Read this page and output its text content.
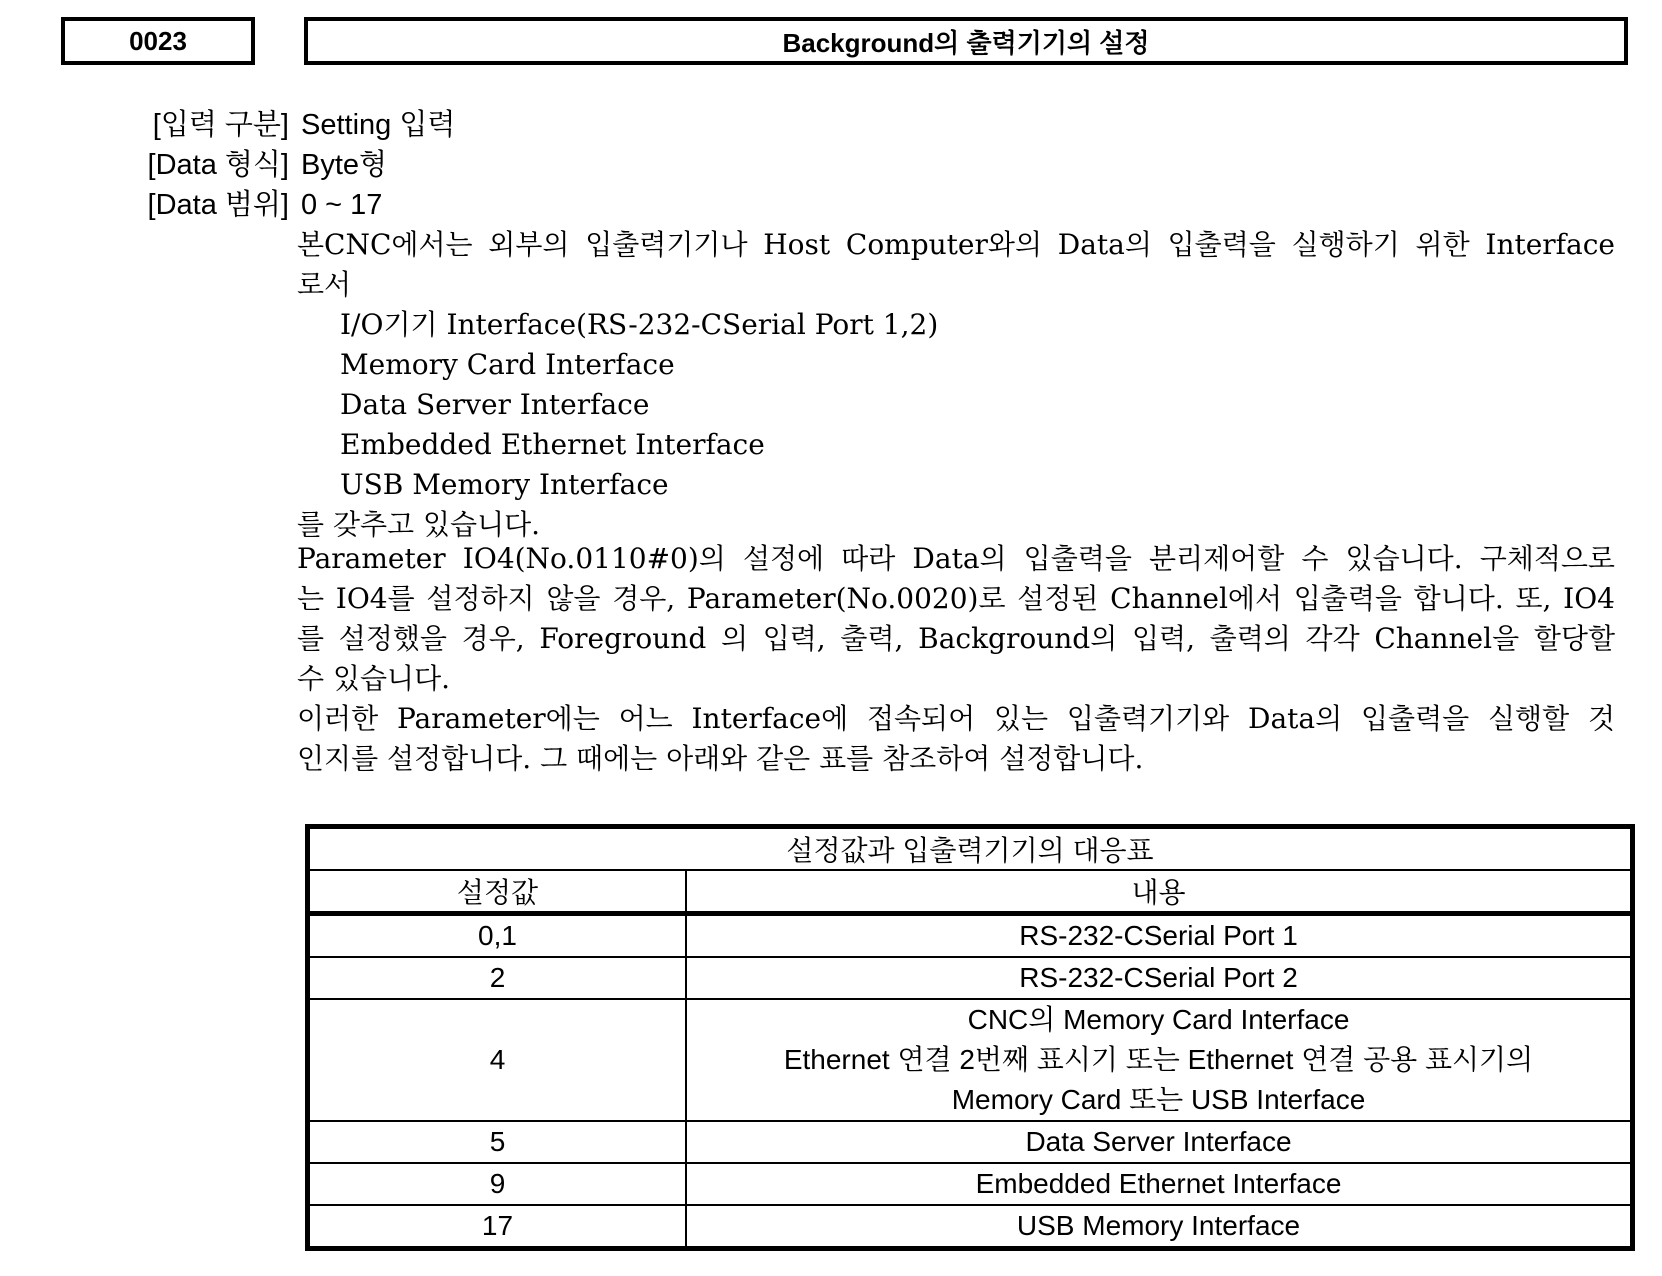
0023	Background의 출력기기의 설정
[입력 구분] Setting 입력
[Data 형식] Byte형
[Data 범위] 0 ~ 17

본CNC에서는 외부의 입출력기기나 Host Computer와의 Data의 입출력을 실행하기 위한 Interface

로서

I/O기기 Interface(RS-232-CSerial Port 1,2)

Memory Card Interface

Data Server Interface

Embedded Ethernet Interface

USB Memory Interface

를 갖추고 있습니다.

Parameter IO4(No.0110#0)의 설정에 따라 Data의 입출력을 분리제어할 수 있습니다. 구체적으로

는 IO4를 설정하지 않을 경우, Parameter(No.0020)로 설정된 Channel에서 입출력을 합니다. 또, IO4

를 설정했을 경우, Foreground 의 입력, 출력, Background의 입력, 출력의 각각 Channel을 할당할

수 있습니다.

이러한 Parameter에는 어느 Interface에 접속되어 있는 입출력기기와 Data의 입출력을 실행할 것

인지를 설정합니다. 그 때에는 아래와 같은 표를 참조하여 설정합니다.

설정값과 입출력기기의 대응표	
설정값	내용
0,1	RS-232-CSerial Port 1
2	RS-232-CSerial Port 2
4	CNC의 Memory Card Interface
Ethernet 연결 2번째 표시기 또는 Ethernet 연결 공용 표시기의
Memory Card 또는 USB Interface

5	Data Server Interface
9	Embedded Ethernet Interface
17	USB Memory Interface
